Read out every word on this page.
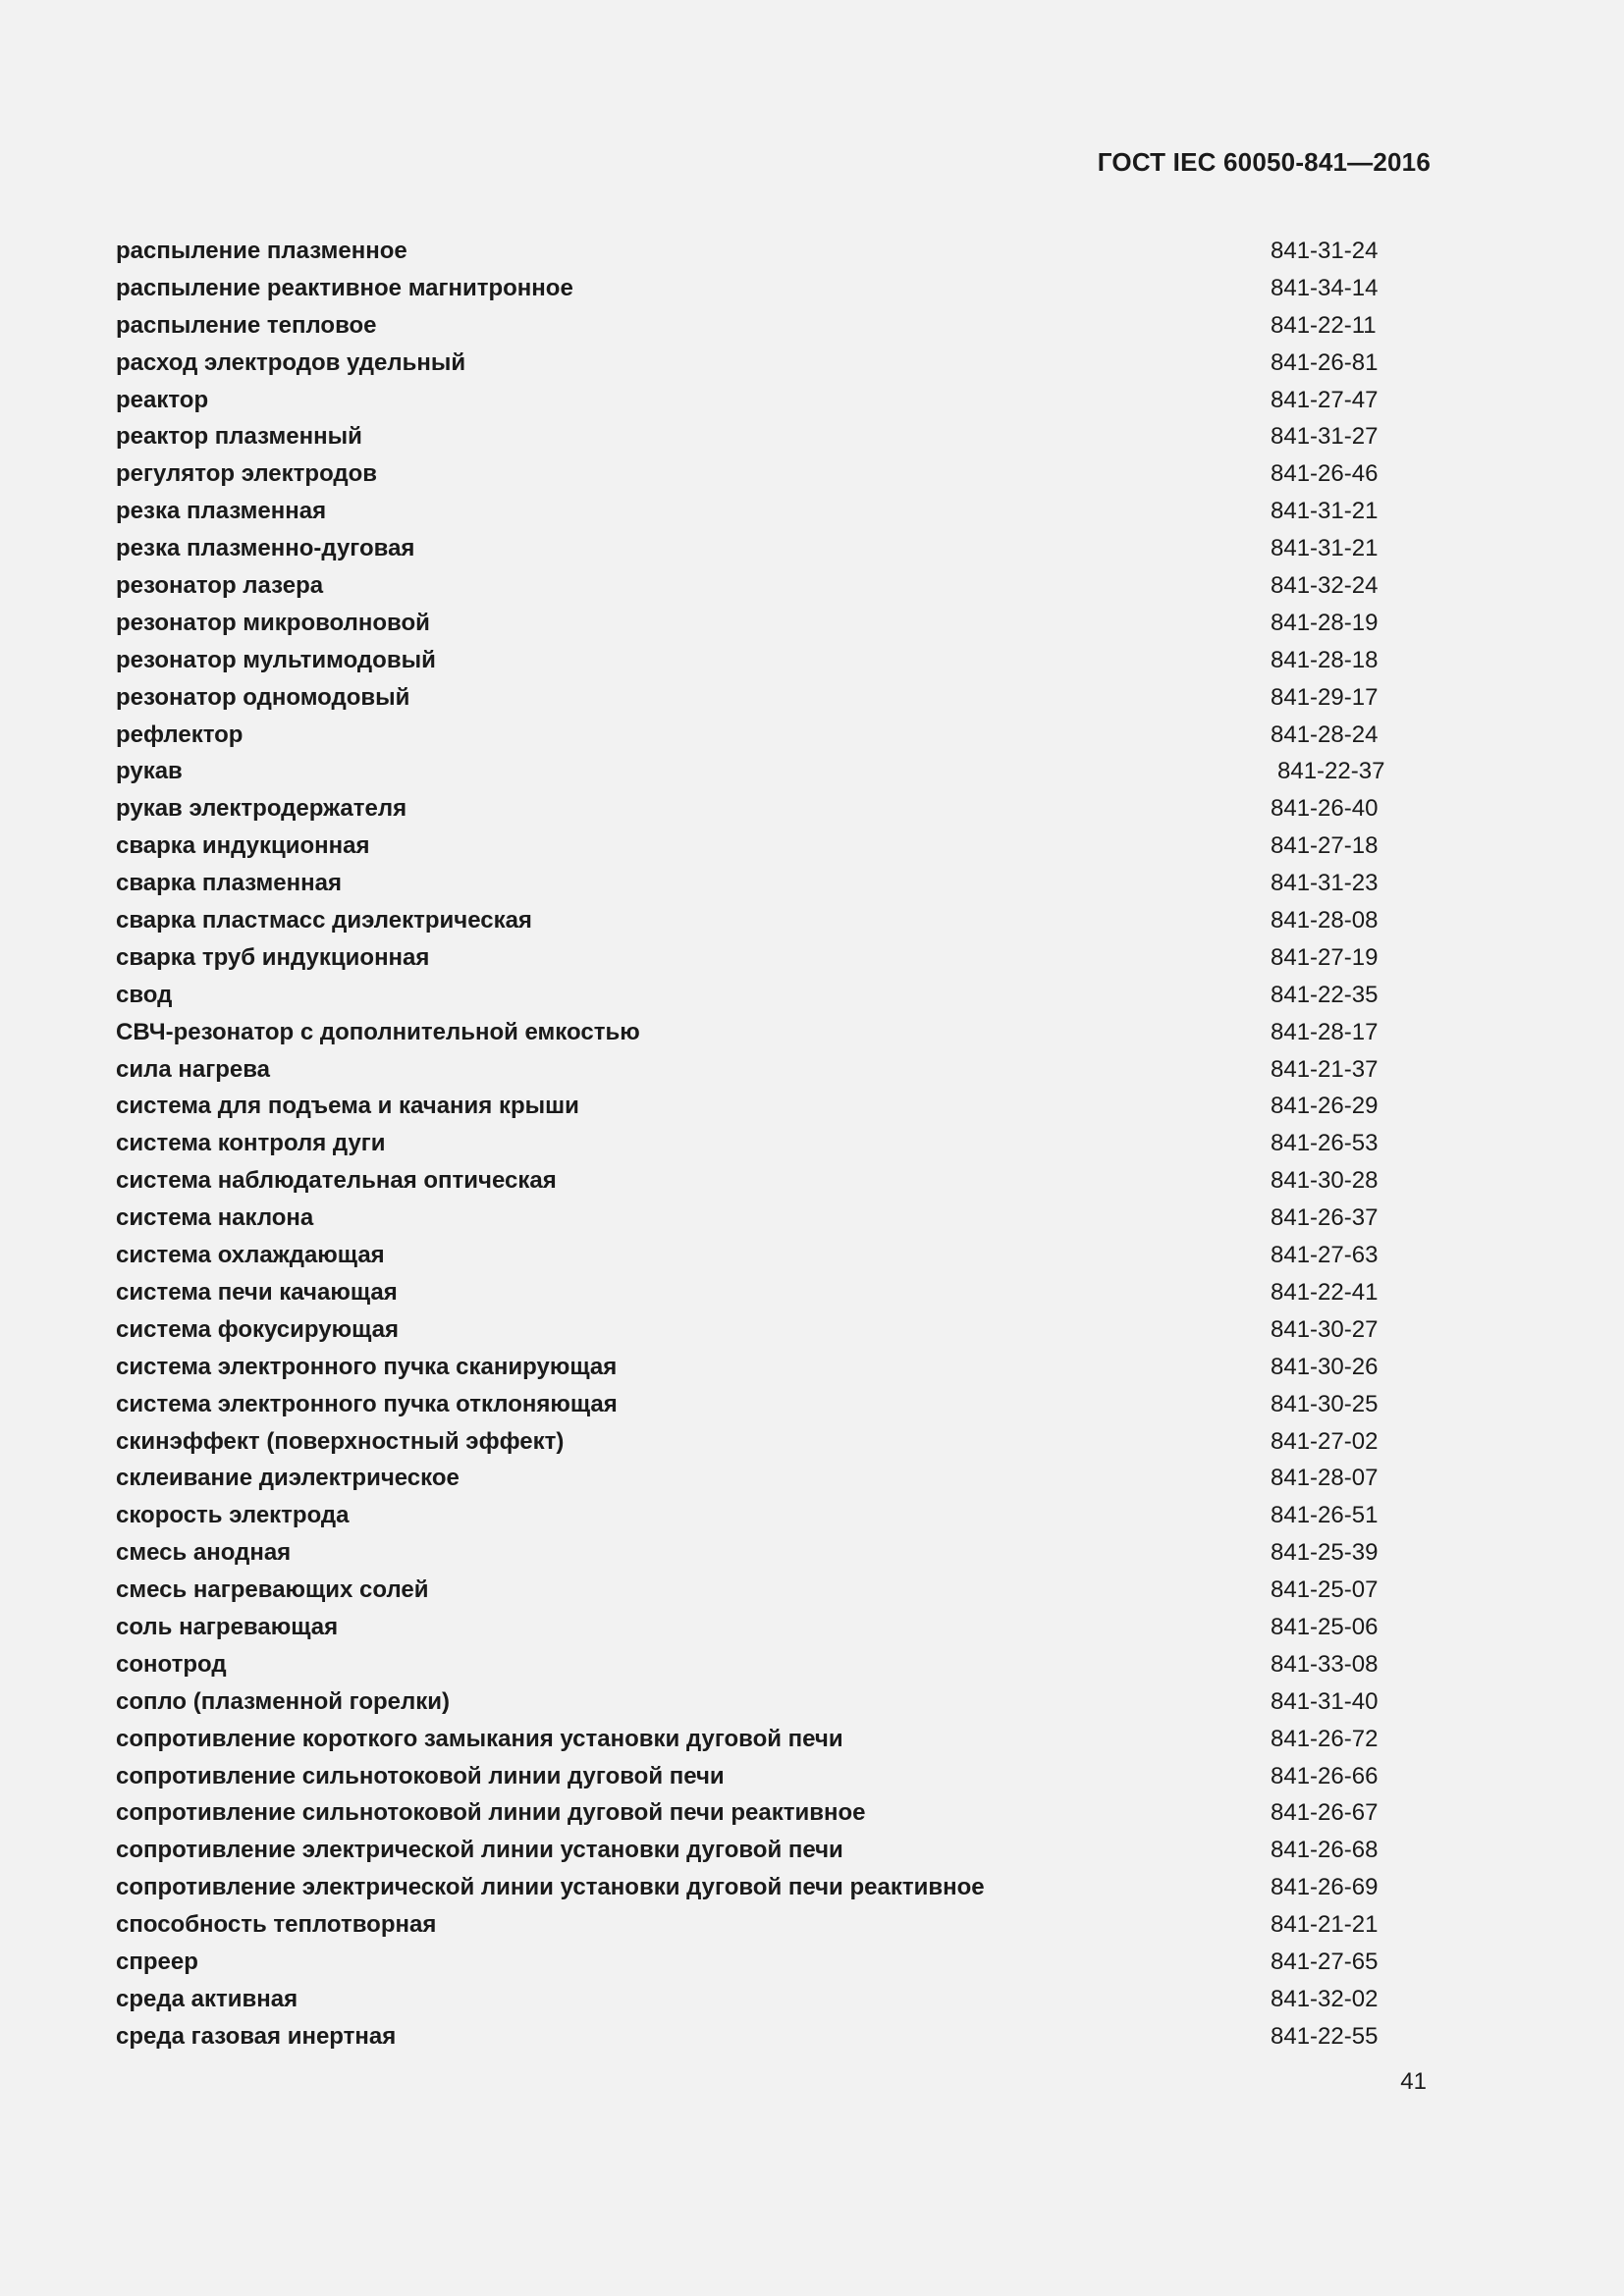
ГОСТ IEC 60050-841—2016
распыление плазменное	841-31-24
распыление реактивное магнитронное	841-34-14
распыление тепловое	841-22-11
расход электродов удельный	841-26-81
реактор	841-27-47
реактор плазменный	841-31-27
регулятор электродов	841-26-46
резка плазменная	841-31-21
резка плазменно-дуговая	841-31-21
резонатор лазера	841-32-24
резонатор микроволновой	841-28-19
резонатор мультимодовый	841-28-18
резонатор одномодовый	841-29-17
рефлектор	841-28-24
рукав	841-22-37
рукав электродержателя	841-26-40
сварка индукционная	841-27-18
сварка плазменная	841-31-23
сварка пластмасс диэлектрическая	841-28-08
сварка труб индукционная	841-27-19
свод	841-22-35
СВЧ-резонатор с дополнительной емкостью	841-28-17
сила нагрева	841-21-37
система для подъема и качания крыши	841-26-29
система контроля дуги	841-26-53
система наблюдательная оптическая	841-30-28
система наклона	841-26-37
система охлаждающая	841-27-63
система печи качающая	841-22-41
система фокусирующая	841-30-27
система электронного пучка сканирующая	841-30-26
система электронного пучка отклоняющая	841-30-25
скинэффект (поверхностный эффект)	841-27-02
склеивание диэлектрическое	841-28-07
скорость электрода	841-26-51
смесь анодная	841-25-39
смесь нагревающих солей	841-25-07
соль нагревающая	841-25-06
сонотрод	841-33-08
сопло (плазменной горелки)	841-31-40
сопротивление короткого замыкания установки дуговой печи	841-26-72
сопротивление сильнотоковой линии дуговой печи	841-26-66
сопротивление сильнотоковой линии дуговой печи реактивное	841-26-67
сопротивление электрической линии установки дуговой печи	841-26-68
сопротивление электрической линии установки дуговой печи реактивное	841-26-69
способность теплотворная	841-21-21
спреер	841-27-65
среда активная	841-32-02
среда газовая инертная	841-22-55
41
